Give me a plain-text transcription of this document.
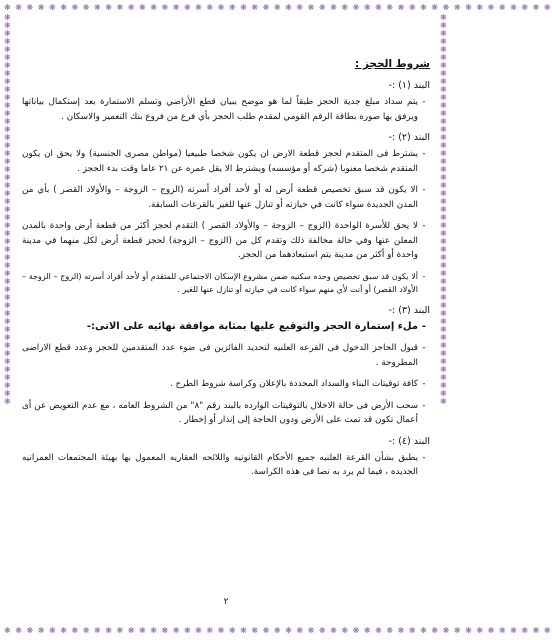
❋ ❋ ❋ ❋ ❋ ❋ ❋ ❋ ❋ ❋ ❋ ❋ ❋ ❋ ❋ ❋ ❋ ❋ ❋ ❋ ❋ ❋ ❋ ❋ ❋ ❋ ❋ ❋ ❋ ❋ ❋ ❋ ❋ ❋ ❋ ❋ ❋ ❋ ❋ ❋ ❋ ❋ ❋ ❋ ❋ ❋ ❋ ❋ ❋
❋ ❋ ❋ ❋ ❋ ❋ ❋ ❋ ❋ ❋ ❋ ❋ ❋ ❋ ❋ ❋ ❋ ❋ ❋ ❋ ❋ ❋ ❋ ❋ ❋ ❋ ❋ ❋ ❋ ❋ ❋ ❋ ❋ ❋ ❋ ❋ ❋ ❋ ❋ ❋ ❋ ❋ ❋ ❋ ❋ ❋ ❋ ❋ ❋
❋ ❋ ❋ ❋ ❋ ❋ ❋ ❋ ❋ ❋ ❋ ❋ ❋ ❋ ❋ ❋ ❋ ❋ ❋ ❋ ❋ ❋ ❋ ❋ ❋ ❋ ❋ ❋ ❋ ❋ ❋ ❋ ❋ ❋ ❋ ❋ ❋ ❋ ❋ ❋ ❋ ❋ ❋ ❋ ❋ ❋ ❋ ❋ ❋
❋ ❋ ❋ ❋ ❋ ❋ ❋ ❋ ❋ ❋ ❋ ❋ ❋ ❋ ❋ ❋ ❋ ❋ ❋ ❋ ❋ ❋ ❋ ❋ ❋ ❋ ❋ ❋ ❋ ❋ ❋ ❋ ❋ ❋ ❋ ❋ ❋ ❋ ❋ ❋ ❋ ❋ ❋ ❋ ❋ ❋ ❋ ❋ ❋
شروط الحجز :
البند (١) :-
-
يتم سداد مبلغ جدية الحجز طبقاً لما هو موضح ببيان قطع الأراضي وتسلم الاستمارة بعد إستكمال بياناتها ويرفق بها صوره بطاقة الرقم القومي لمقدم طلب الحجز بأي فرع من فروع بنك التعمير والاسكان .
البند (٢) :-
-
يشترط فى المتقدم لحجز قطعة الارض ان يكون شخصا طبيعيا (مواطن مصرى الجنسية) ولا يحق ان يكون المتقدم شخصا معنويا (شركه أو مؤسسه) ويشترط الا يقل عمره عن ٢١ عاما وقت بدء الحجز .
-
الا يكون قد سبق تخصيص قطعة أرض له أو لأحد أفراد أسرته (الزوج – الزوجة – والأولاد القصر ) بأي من المدن الجديدة سواء كانت في حيازته أو تنازل عنها للغير بالقرعات السابقة.
-
لا يحق للأسرة الواحدة (الزوج – الزوجة – والأولاد القصر ) التقدم لحجز أكثر من قطعة أرض واحدة بالمدن المعلن عنها وفي حالة مخالفة ذلك وتقدم كل من (الزوج – الزوجة) لحجز قطعة أرض لكل منهما في مدينة واحدة أو أكثر من مدينة يتم استبعادهما من الحجز.
-
ألا يكون قد سبق تخصيص وحده سكنيه ضمن مشروع الإسكان الاجتماعي للمتقدم أو لأحد أفراد أسرته (الزوج – الزوجة – الأولاد القصر) أو أنت لأي منهم سواء كانت في حيازته أو تنازل عنها للغير .
البند (٣) :-
-
ملء إستمارة الحجز والتوقيع عليها بمثابة موافقة نهائيه على الاتى:-
-
قبول الحاجز الدخول فى القرعه العلنيه لتحديد الفائزين فى ضوء عدد المتقدمين للحجز وعدد قطع الاراضى المطروحة .
-
كافة توقيتات البناء والسداد المحددة بالإعلان وكراسة شروط الطرح .
-
سحب الأرض فى حالة الاخلال بالتوقيتات الوارده بالبند رقم "٨" من الشروط العامه ، مع عدم التعويض عن أى أعمال تكون قد تمت على الأرض ودون الحاجة إلى إنذار أو إخطار .
البند (٤) :-
-
يطبق بشأن القرعة العلنيه جميع الأحكام القانونيه واللائحه العقاريه المعمول بها بهيئة المجتمعات العمرانيه الجديده ، فيما لم يرد به نصا فى هذه الكراسة.
٢
